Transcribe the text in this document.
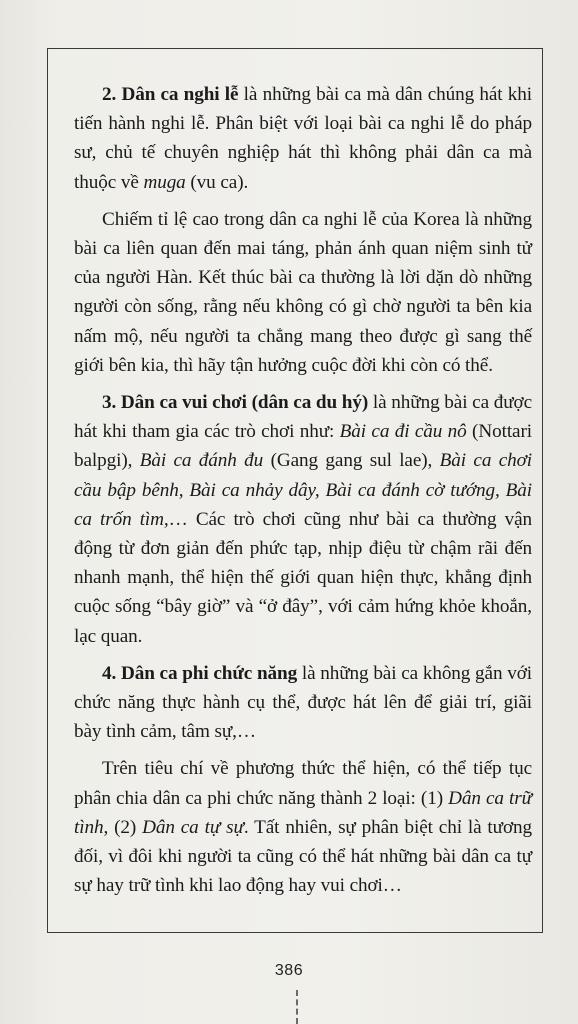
2. Dân ca nghi lễ là những bài ca mà dân chúng hát khi tiến hành nghi lễ. Phân biệt với loại bài ca nghi lễ do pháp sư, chủ tế chuyên nghiệp hát thì không phải dân ca mà thuộc về muga (vu ca).

Chiếm tỉ lệ cao trong dân ca nghi lễ của Korea là những bài ca liên quan đến mai táng, phản ánh quan niệm sinh tử của người Hàn. Kết thúc bài ca thường là lời dặn dò những người còn sống, rằng nếu không có gì chờ người ta bên kia nấm mộ, nếu người ta chẳng mang theo được gì sang thế giới bên kia, thì hãy tận hưởng cuộc đời khi còn có thể.

3. Dân ca vui chơi (dân ca du hý) là những bài ca được hát khi tham gia các trò chơi như: Bài ca đi cầu nô (Nottari balpgi), Bài ca đánh đu (Gang gang sul lae), Bài ca chơi cầu bập bênh, Bài ca nhảy dây, Bài ca đánh cờ tướng, Bài ca trốn tìm,… Các trò chơi cũng như bài ca thường vận động từ đơn giản đến phức tạp, nhịp điệu từ chậm rãi đến nhanh mạnh, thể hiện thế giới quan hiện thực, khẳng định cuộc sống “bây giờ” và “ở đây”, với cảm hứng khỏe khoắn, lạc quan.

4. Dân ca phi chức năng là những bài ca không gắn với chức năng thực hành cụ thể, được hát lên để giải trí, giãi bày tình cảm, tâm sự,…

Trên tiêu chí về phương thức thể hiện, có thể tiếp tục phân chia dân ca phi chức năng thành 2 loại: (1) Dân ca trữ tình, (2) Dân ca tự sự. Tất nhiên, sự phân biệt chỉ là tương đối, vì đôi khi người ta cũng có thể hát những bài dân ca tự sự hay trữ tình khi lao động hay vui chơi…

386
